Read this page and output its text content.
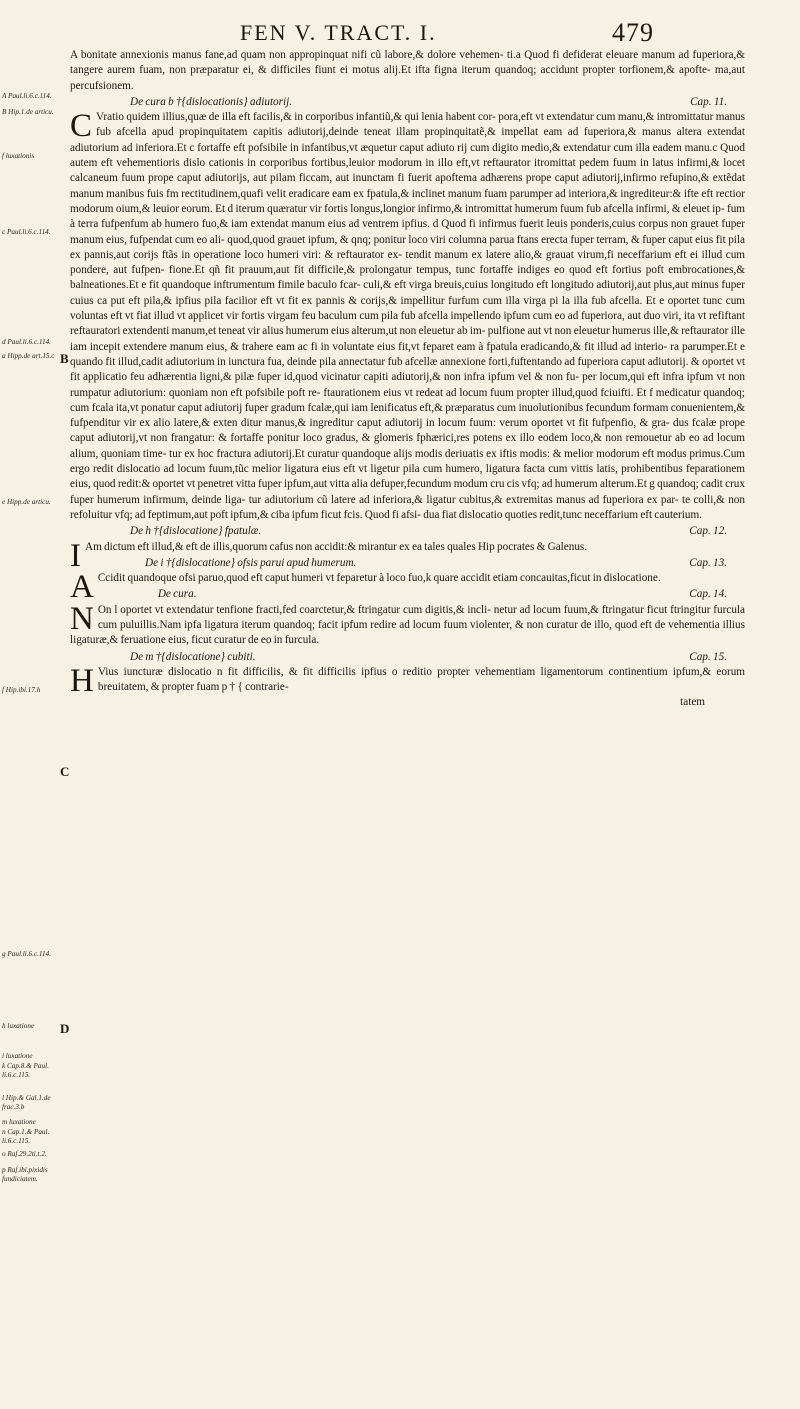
FEN V. TRACT. I.	479
A Paul.li.6.c.114.
B Hip.1.de articu.
f luxationis
c Paul.li.6.c.114.
d Paul.li.6.c.114.
a Hipp.de art.15.c
e Hipp.de articu.
f Hip.ibi.17.h
g Paul.li.6.c.114.
h luxatione
i luxatione
k Cap.8.& Paul.
li.6.c.115.
l Hip.& Gal.1.de
frac.3.b
m luxatione
n Cap.1.& Paul.
li.6.c.115.
o Raf.29.2ti.t.2.
p Raf.ibi.pixidis
fundiciatem.
B
C
D

A bonitate annexionis manus fane,ad quam non appropinquat nifi cũ labore,& dolore vehemen- ti.a Quod fi defiderat eleuare manum ad fuperiora,& tangere aurem fuam, non præparatur ei, & difficiles fiunt ei motus alij.Et ifta figna iterum quandoq; accidunt propter torfionem,& apofte- ma,aut percufsionem.

De cura b †{dislocationis} adiutorij.	Cap. 11.

C Vratio quidem illius,quæ de illa eft facilis,& in corporibus infantiũ,& qui lenia habent cor- pora,eft vt extendatur cum manu,& intromittatur manus fub afcella apud propinquitatem capitis adiutorij,deinde teneat illam propinquitatẽ,& impellat eam ad fuperiora,& manus altera extendat adiutorium ad inferiora.Et c fortaffe eft pofsibile in infantibus,vt æquetur caput adiuto rij cum digito medio,& extendatur cum illa eadem manu.c Quod autem eft vehementioris dislo cationis in corporibus fortibus,leuior modorum in illo eft,vt reftaurator itromittat pedem fuum in latus infirmi,& locet calcaneum fuum prope caput adiutorijs, aut pilam ficcam, aut inunctam fi fuerit apoftema adhærens prope caput adiutorij,infirmo refupino,& extẽdat manum manibus fuis fm rectitudinem,quafi velit eradicare eam ex fpatula,& inclinet manum fuam parumper ad interiora,& ingrediteur:& ifte eft rectior modorum oium,& leuior eorum. Et d iterum quæratur vir fortis longus,longior infirmo,& intromittat humerum fuum fub afcella infirmi, & eleuet ip- fum à terra fufpenfum ab humero fuo,& iam extendat manum eius ad ventrem ipfius. d Quod fi infirmus fuerit leuis ponderis,cuius corpus non grauet fuper manum eius, fufpendat cum eo ali- quod,quod grauet ipfum, & qnq; ponitur loco viri columna parua ftans erecta fuper terram, & fuper caput eius fit pila ex pannis,aut corijs ftãs in operatione loco humeri viri: & reftaurator ex- tendit manum ex latere alio,& grauat virum,fi neceffarium eft ei illud cum pondere, aut fufpen- fione.Et qñ fit prauum,aut fit difficile,& prolongatur tempus, tunc fortaffe indiges eo quod eft fortius poft embrocationes,& balneationes.Et e fit quandoque inftrumentum fimile baculo fcar- culi,& eft virga breuis,cuius longitudo eft longitudo adiutorij,aut plus,aut minus fuper cuius ca put eft pila,& ipfius pila facilior eft vt fit ex pannis & corijs,& impellitur furfum cum illa virga pi la illa fub afcella. Et e oportet tunc cum voluntas eft vt fiat illud vt applicet vir fortis virgam feu baculum cum pila fub afcella impellendo ipfum cum eo ad fuperiora, aut duo viri, ita vt refiftant reftauratori extendenti manum,et teneat vir alius humerum eius alterum,ut non eleuetur ab im- pulfione aut vt non eleuetur humerus ille,& reftaurator ille iam incepit extendere manum eius, & trahere eam ac fi in voluntate eius fit,vt feparet eam à fpatula eradicando,& fit illud ad interio- ra parumper.Et e quando fit illud,cadit adiutorium in iunctura fua, deinde pila annectatur fub afcellæ annexione forti,fuftentando ad fuperiora caput adiutorij. & oportet vt fit applicatio feu adhærentia ligni,& pilæ fuper id,quod vicinatur capiti adiutorij,& non infra ipfum vel & non fu- per locum,qui eft infra ipfum vt non rumpatur adiutorium: quoniam non eft pofsibile poft re- ftaurationem eius vt redeat ad locum fuum propter illud,quod fciuifti. Et f medicatur quandoq; cum fcala ita,vt ponatur caput adiutorij fuper gradum fcalæ,qui iam lenificatus eft,& præparatus cum inuolutionibus fecundum formam conuenientem,& fufpenditur vir ex alio latere,& exten ditur manus,& ingreditur caput adiutorij in locum fuum: verum oportet vt fit fufpenfio, & gra- dus fcalæ prope caput adiutorij,vt non frangatur: & fortaffe ponitur loco gradus, & glomeris fphærici,res potens ex illo eodem loco,& non remouetur ab eo ad locum alium, quoniam time- tur ex hoc fractura adiutorij.Et curatur quandoque alijs modis deriuatis ex iftis modis: & melior modorum eft modus primus.Cum ergo redit dislocatio ad locum fuum,tũc melior ligatura eius eft vt ligetur pila cum humero, ligatura facta cum vittis latis, prohibentibus feparationem eius, quod redit:& oportet vt penetret vitta fuper ipfum,aut vitta alia defuper,fecundum modum cru cis vfq; ad humerum alterum.Et g quandoq; cadit crux fuper humerum infirmum, deinde liga- tur adiutorium cũ latere ad inferiora,& ligatur cubitus,& extremitas manus ad fuperiora ex par- te colli,& non refoluitur vfq; ad feptimum,aut poft ipfum,& ciba ipfum ficut fcis. Quod fi afsi- dua fiat dislocatio quoties redit,tunc neceffarium eft cauterium.

De h †{dislocatione} fpatulæ.	Cap. 12.

I Am dictum eft illud,& eft de illis,quorum cafus non accidit:& mirantur ex ea tales quales Hip pocrates & Galenus.

De i †{dislocatione} ofsis parui apud humerum.	Cap. 13.

A Ccidit quandoque ofsi paruo,quod eft caput humeri vt feparetur à loco fuo,k quare accidit etiam concauitas,ficut in dislocatione.

De cura.	Cap. 14.

N On l oportet vt extendatur tenfione fracti,fed coarctetur,& ftringatur cum digitis,& incli- netur ad locum fuum,& ftringatur ficut ftringitur furcula cum puluillis.Nam ipfa ligatura iterum quandoq; facit ipfum redire ad locum fuum violenter, & non curatur de illo, quod eft de vehementia illius ligaturæ,& feruatione eius, ficut curatur de eo in furcula.

De m †{dislocatione} cubiti.	Cap. 15.

H Vius iuncturæ dislocatio n fit difficilis, & fit difficilis ipfius o reditio propter vehementiam ligamentorum continentium ipfum,& eorum breuitatem, & propter fuam p † { contrarie-

tatem
